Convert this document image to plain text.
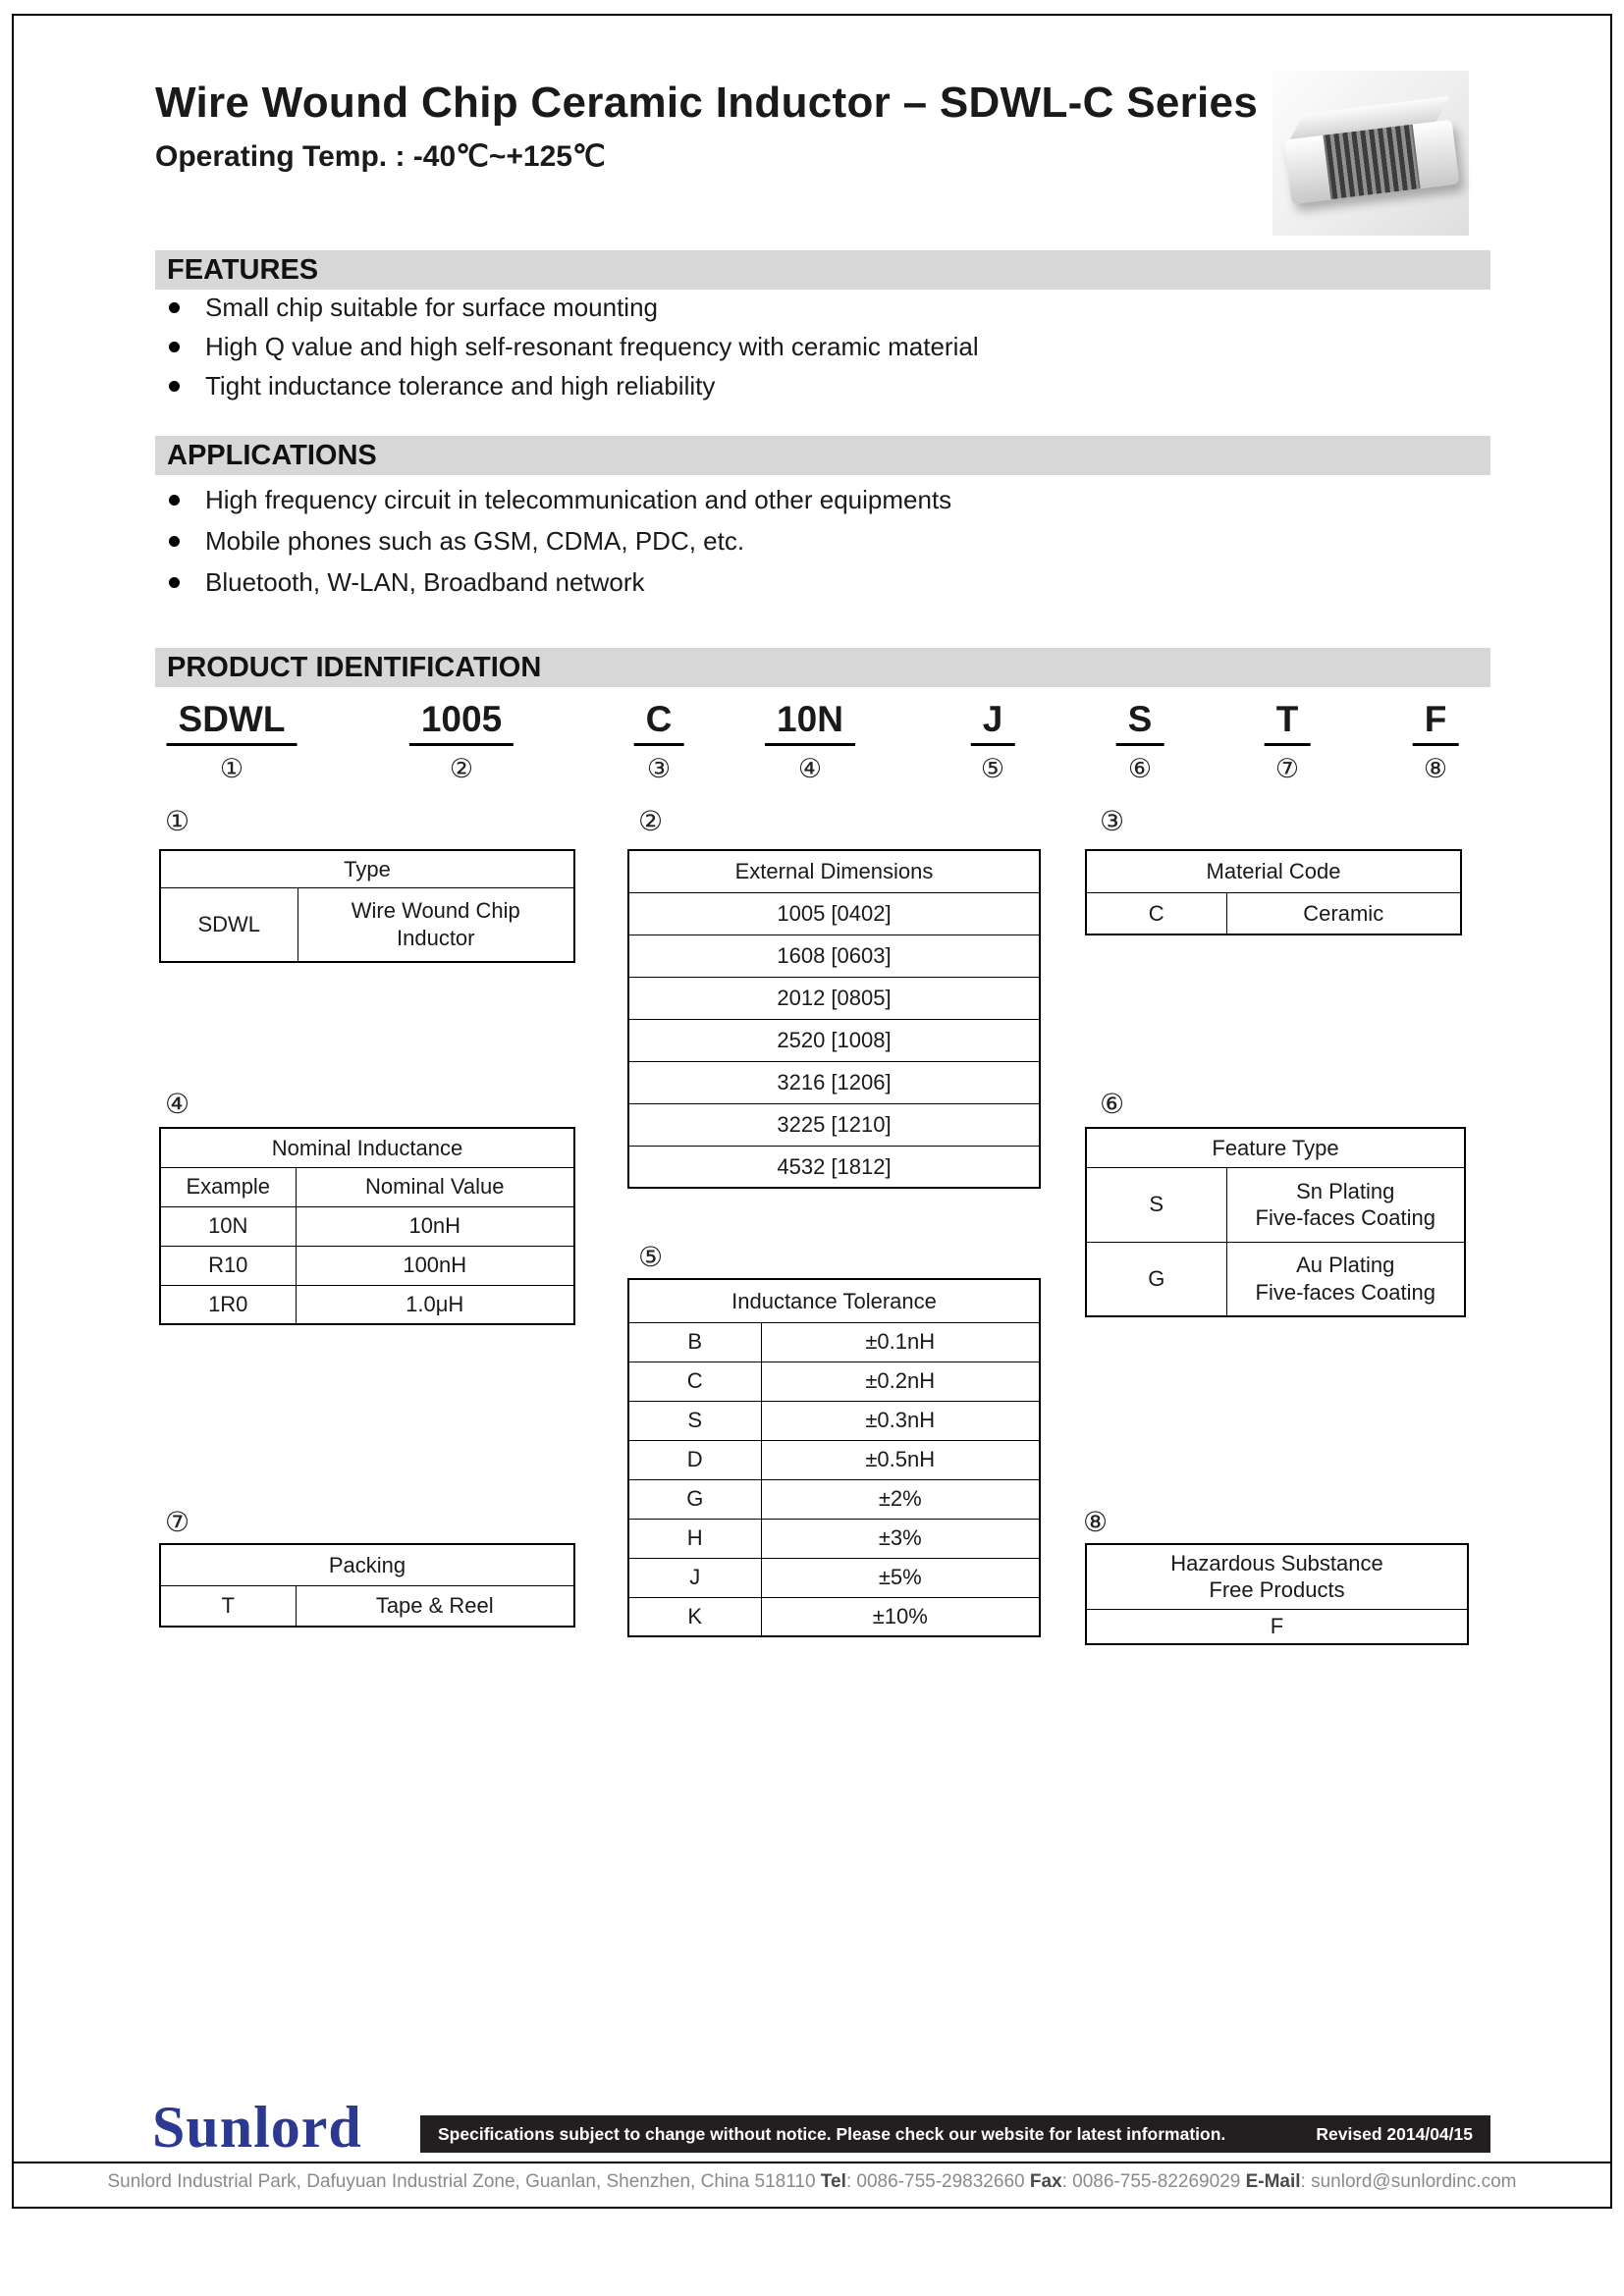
Wire Wound Chip Ceramic Inductor – SDWL-C Series
Operating Temp. : -40℃~+125℃
FEATURES
Small chip suitable for surface mounting
High Q value and high self-resonant frequency with ceramic material
Tight inductance tolerance and high reliability
APPLICATIONS
High frequency circuit in telecommunication and other equipments
Mobile phones such as GSM, CDMA, PDC, etc.
Bluetooth, W-LAN, Broadband network
PRODUCT IDENTIFICATION
SDWL	1005	C	10N	J	S	T	F
①	②	③	④	⑤	⑥	⑦	⑧
①	②	③
Type
SDWL	Wire Wound Chip
Inductor
External Dimensions
1005 [0402]
1608 [0603]
2012 [0805]
2520 [1008]
3216 [1206]
3225 [1210]
4532 [1812]
Material Code
C	Ceramic
④	⑥
Nominal Inductance	
Example	Nominal Value
10N	10nH
R10	100nH
1R0	1.0μH
Feature Type	
S	Sn Plating
Five-faces Coating
G	Au Plating
Five-faces Coating
⑤
Inductance Tolerance	
B	±0.1nH
C	±0.2nH
S	±0.3nH
D	±0.5nH
G	±2%
H	±3%
J	±5%
K	±10%
⑦	⑧
Packing
T	Tape & Reel
Hazardous Substance
Free Products
F
Sunlord	Specifications subject to change without notice. Please check our website for latest information.	Revised 2014/04/15

Sunlord Industrial Park, Dafuyuan Industrial Zone, Guanlan, Shenzhen, China 518110 Tel: 0086-755-29832660 Fax: 0086-755-82269029 E-Mail: sunlord@sunlordinc.com
